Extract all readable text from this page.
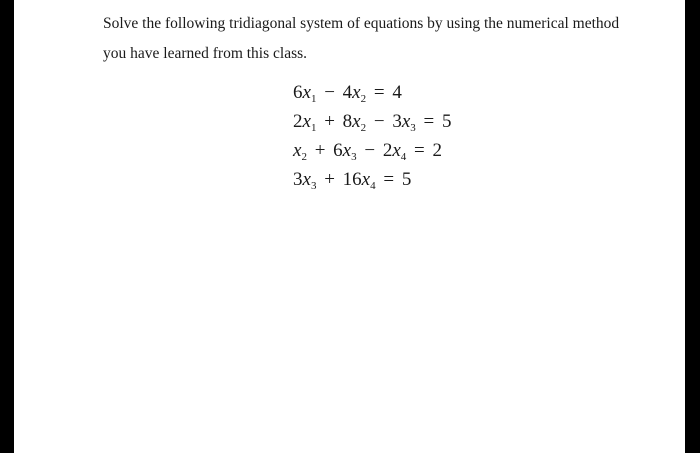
Solve the following tridiagonal system of equations by using the numerical method
you have learned from this class.

$6x_1 - 4x_2 = 4$
$2x_1 + 8x_2 - 3x_3 = 5$
$x_2 + 6x_3 - 2x_4 = 2$
$3x_3 + 16x_4 = 5$
